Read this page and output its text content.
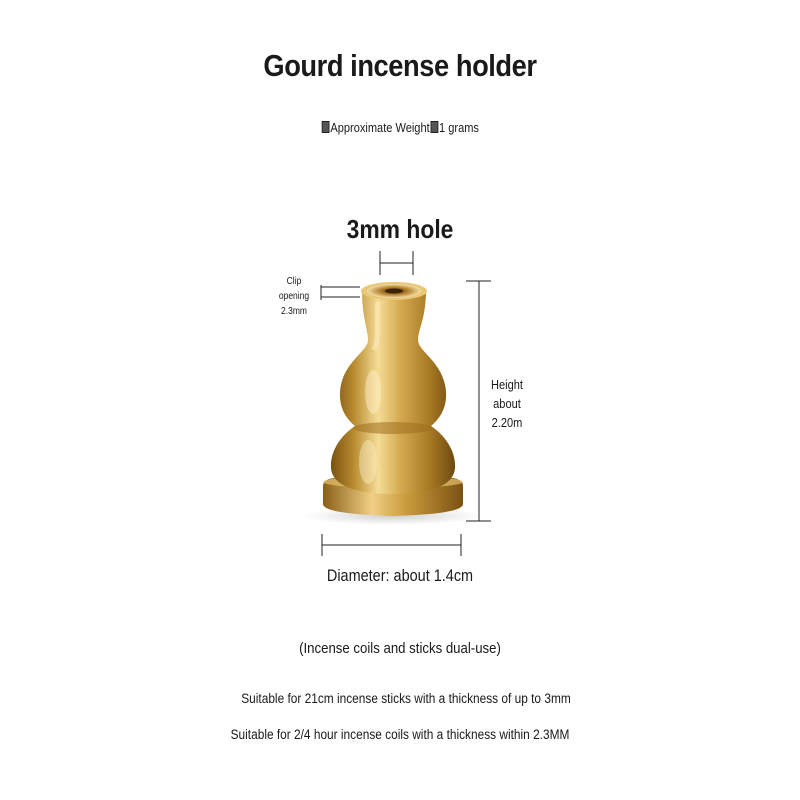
Gourd incense holder
Approximate Weight 1 grams
3mm hole
Clip
opening
2.3mm
Height
about
2.20m
Diameter: about 1.4cm
(Incense coils and sticks dual-use)
Suitable for 21cm incense sticks with a thickness of up to 3mm
Suitable for 2/4 hour incense coils with a thickness within 2.3MM
